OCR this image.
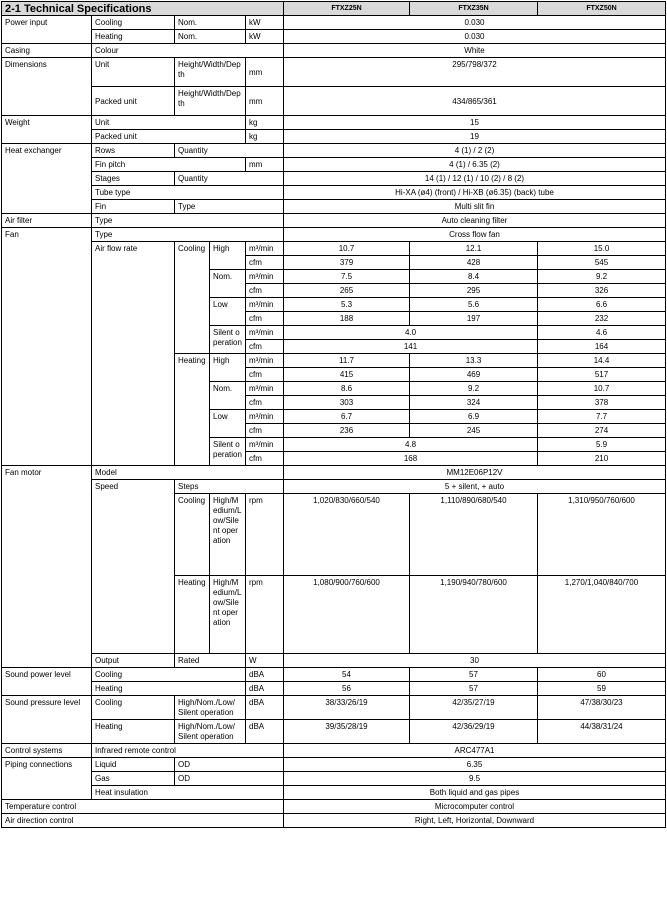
2-1 Technical Specifications					FTXZ25N	FTXZ35N	FTXZ50N
Power input	Cooling	Nom.		kW	0.030		
	Heating	Nom.		kW	0.030		
Casing	Colour				White		
Dimensions	Unit	Height/Width/Depth		mm	295/798/372		
	Packed unit	Height/Width/Depth		mm	434/865/361		
Weight	Unit			kg	15		
	Packed unit			kg	19		
Heat exchanger	Rows	Quantity			4 (1) / 2 (2)		
	Fin pitch			mm	4 (1) / 6.35 (2)		
	Stages	Quantity			14 (1) / 12 (1) / 10 (2) / 8 (2)		
	Tube type				Hi-XA (ø4) (front) / Hi-XB (ø6.35) (back) tube		
	Fin	Type			Multi slit fin		
Air filter	Type				Auto cleaning filter		
Fan	Type				Cross flow fan		
	Air flow rate	Cooling	High	m³/min	10.7	12.1	15.0
				cfm	379	428	545
			Nom.	m³/min	7.5	8.4	9.2
				cfm	265	295	326
			Low	m³/min	5.3	5.6	6.6
				cfm	188	197	232
			Silent operation	m³/min	4.0		4.6
				cfm	141		164

		Heating	High	m³/min	11.7	13.3	14.4
				cfm	415	469	517
			Nom.	m³/min	8.6	9.2	10.7
				cfm	303	324	378
			Low	m³/min	6.7	6.9	7.7
				cfm	236	245	274
			Silent operation	m³/min	4.8		5.9
				cfm	168		210

Fan motor	Model				MM12E06P12V		
	Speed	Steps			5 + silent, + auto		
		Cooling	High/Medium/Low/Silent operation	rpm	1,020/830/660/540	1,110/890/680/540	1,310/950/760/600
		Heating	High/Medium/Low/Silent operation	rpm	1,080/900/760/600	1,190/940/780/600	1,270/1,040/840/700
	Output	Rated		W	30		
Sound power level	Cooling			dBA	54	57	60
	Heating			dBA	56	57	59
Sound pressure level	Cooling	High/Nom./Low/ Silent operation		dBA	38/33/26/19	42/35/27/19	47/38/30/23
	Heating	High/Nom./Low/ Silent operation		dBA	39/35/28/19	42/36/29/19	44/38/31/24
Control systems	Infrared remote control				ARC477A1		
Piping connections	Liquid	OD			6.35		
	Gas	OD			9.5		
	Heat insulation				Both liquid and gas pipes		
Temperature control					Microcomputer control		
Air direction control					Right, Left, Horizontal, Downward		
